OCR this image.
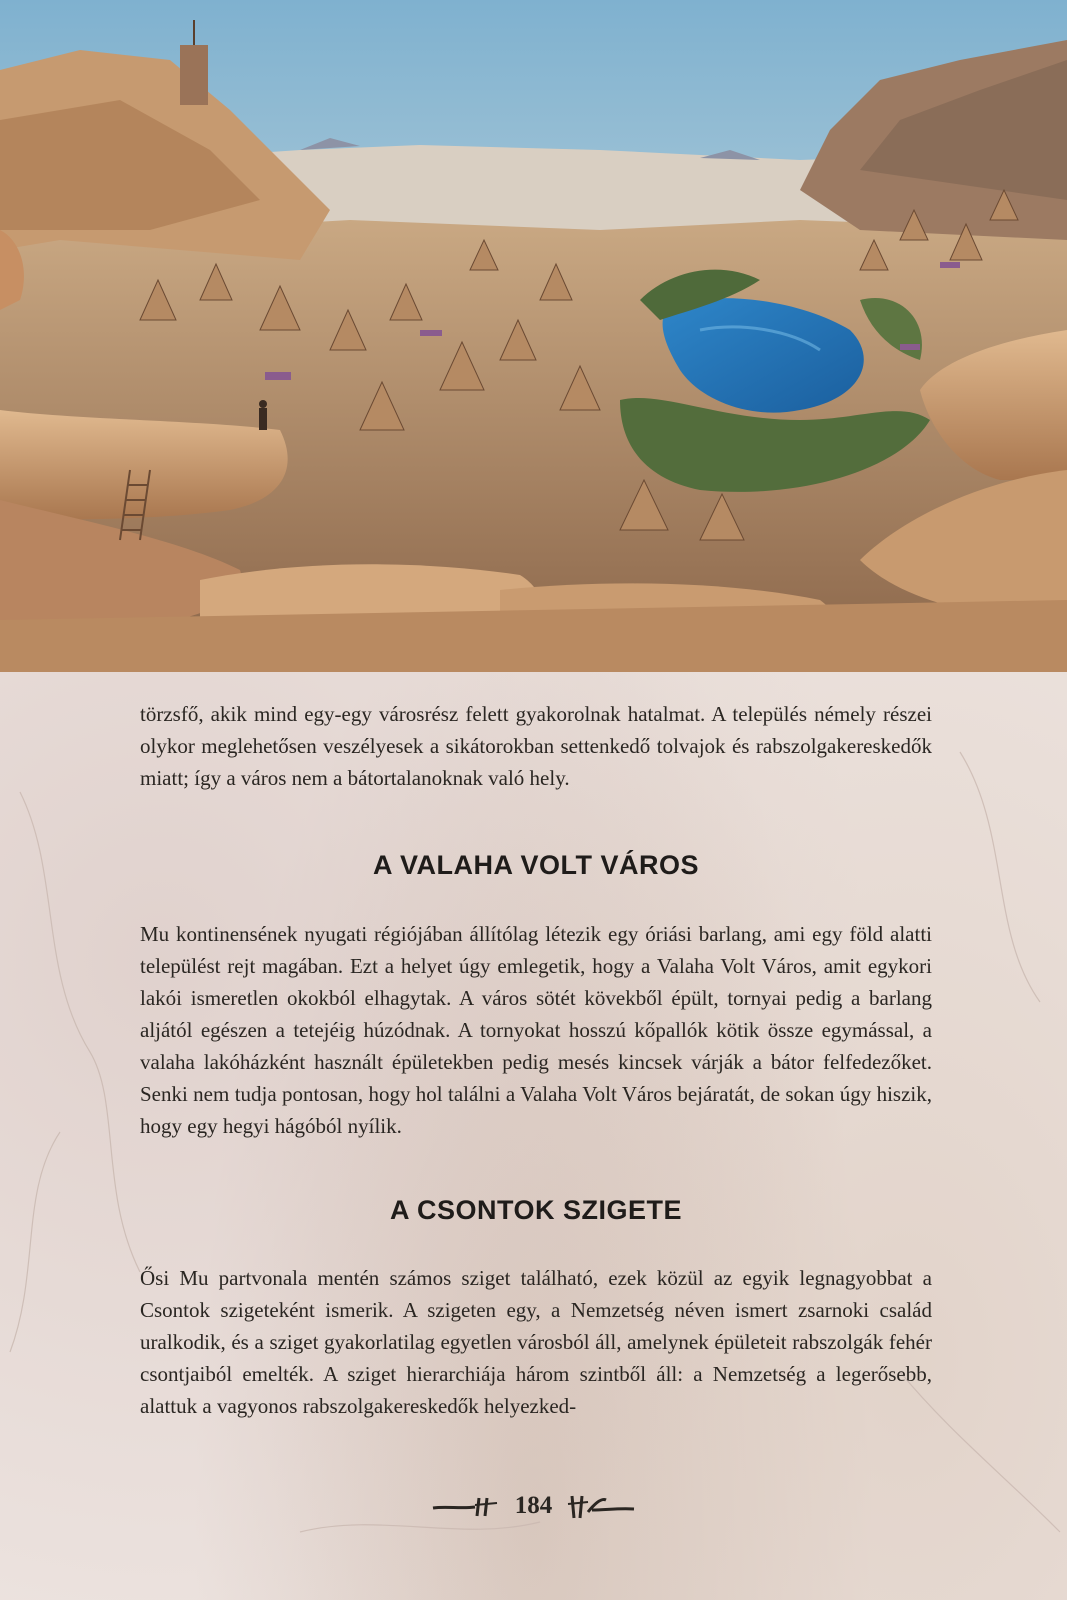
törzsfő, akik mind egy-egy városrész felett gyakorolnak hatalmat. A település némely részei olykor meglehetősen veszélyesek a sikátorokban settenkedő tolvajok és rabszolgakereskedők miatt; így a város nem a bátortalanoknak való hely.

A VALAHA VOLT VÁROS

Mu kontinensének nyugati régiójában állítólag létezik egy óriási barlang, ami egy föld alatti települést rejt magában. Ezt a helyet úgy emlegetik, hogy a Valaha Volt Város, amit egykori lakói ismeretlen okokból elhagytak. A város sötét kövekből épült, tornyai pedig a barlang aljától egészen a tetejéig húzódnak. A tornyokat hosszú kőpallók kötik össze egymással, a valaha lakóházként használt épületekben pedig mesés kincsek várják a bátor felfedezőket. Senki nem tudja pontosan, hogy hol találni a Valaha Volt Város bejáratát, de sokan úgy hiszik, hogy egy hegyi hágóból nyílik.

A CSONTOK SZIGETE

Ősi Mu partvonala mentén számos sziget található, ezek közül az egyik legnagyobbat a Csontok szigeteként ismerik. A szigeten egy, a Nemzetség néven ismert zsarnoki család uralkodik, és a sziget gyakorlatilag egyetlen városból áll, amelynek épületeit rabszolgák fehér csontjaiból emelték. A sziget hierarchiája három szintből áll: a Nemzetség a legerősebb, alattuk a vagyonos rabszolgakereskedők helyezked-

184
